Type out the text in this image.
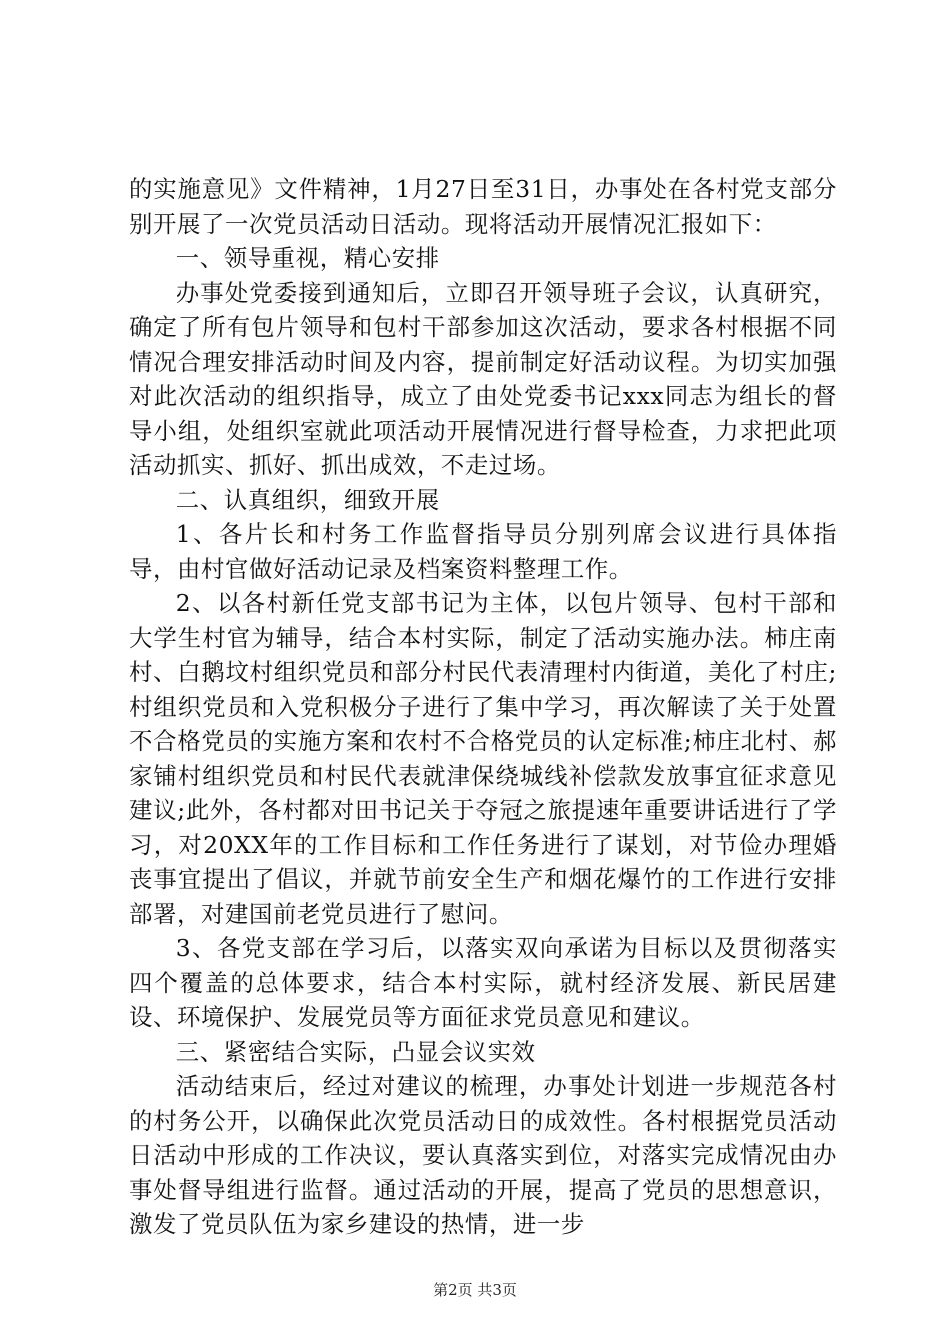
的实施意见》文件精神，1月27日至31日，办事处在各村党支部分别开展了一次党员活动日活动。现将活动开展情况汇报如下：

一、领导重视，精心安排

办事处党委接到通知后，立即召开领导班子会议，认真研究，确定了所有包片领导和包村干部参加这次活动，要求各村根据不同情况合理安排活动时间及内容，提前制定好活动议程。为切实加强对此次活动的组织指导，成立了由处党委书记xxx同志为组长的督导小组，处组织室就此项活动开展情况进行督导检查，力求把此项活动抓实、抓好、抓出成效，不走过场。

二、认真组织，细致开展

1、各片长和村务工作监督指导员分别列席会议进行具体指导，由村官做好活动记录及档案资料整理工作。

2、以各村新任党支部书记为主体，以包片领导、包村干部和大学生村官为辅导，结合本村实际，制定了活动实施办法。柿庄南村、白鹅坟村组织党员和部分村民代表清理村内街道，美化了村庄;村组织党员和入党积极分子进行了集中学习，再次解读了关于处置不合格党员的实施方案和农村不合格党员的认定标准;柿庄北村、郝家铺村组织党员和村民代表就津保绕城线补偿款发放事宜征求意见建议;此外，各村都对田书记关于夺冠之旅提速年重要讲话进行了学习，对20XX年的工作目标和工作任务进行了谋划，对节俭办理婚丧事宜提出了倡议，并就节前安全生产和烟花爆竹的工作进行安排部署，对建国前老党员进行了慰问。

3、各党支部在学习后，以落实双向承诺为目标以及贯彻落实四个覆盖的总体要求，结合本村实际，就村经济发展、新民居建设、环境保护、发展党员等方面征求党员意见和建议。

三、紧密结合实际，凸显会议实效

活动结束后，经过对建议的梳理，办事处计划进一步规范各村的村务公开，以确保此次党员活动日的成效性。各村根据党员活动日活动中形成的工作决议，要认真落实到位，对落实完成情况由办事处督导组进行监督。通过活动的开展，提高了党员的思想意识，激发了党员队伍为家乡建设的热情，进一步

第2页 共3页
